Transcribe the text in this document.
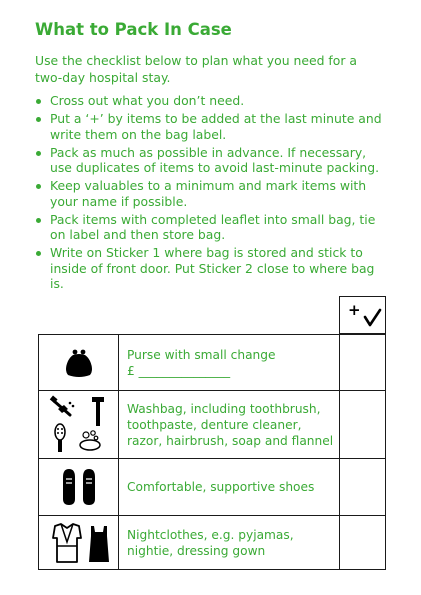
What to Pack In Case

Use the checklist below to plan what you need for a two-day hospital stay.

Cross out what you don’t need.
Put a ‘+’ by items to be added at the last minute and write them on the bag label.
Pack as much as possible in advance. If necessary, use duplicates of items to avoid last-minute packing.
Keep valuables to a minimum and mark items with your name if possible.
Pack items with completed leaflet into small bag, tie on label and then store bag.
Write on Sticker 1 where bag is stored and stick to inside of front door. Put Sticker 2 close to where bag is.
+
Purse with small change
£ _______________
Washbag, including toothbrush,
toothpaste, denture cleaner,
razor, hairbrush, soap and flannel
Comfortable, supportive shoes
Nightclothes, e.g. pyjamas,
nightie, dressing gown
